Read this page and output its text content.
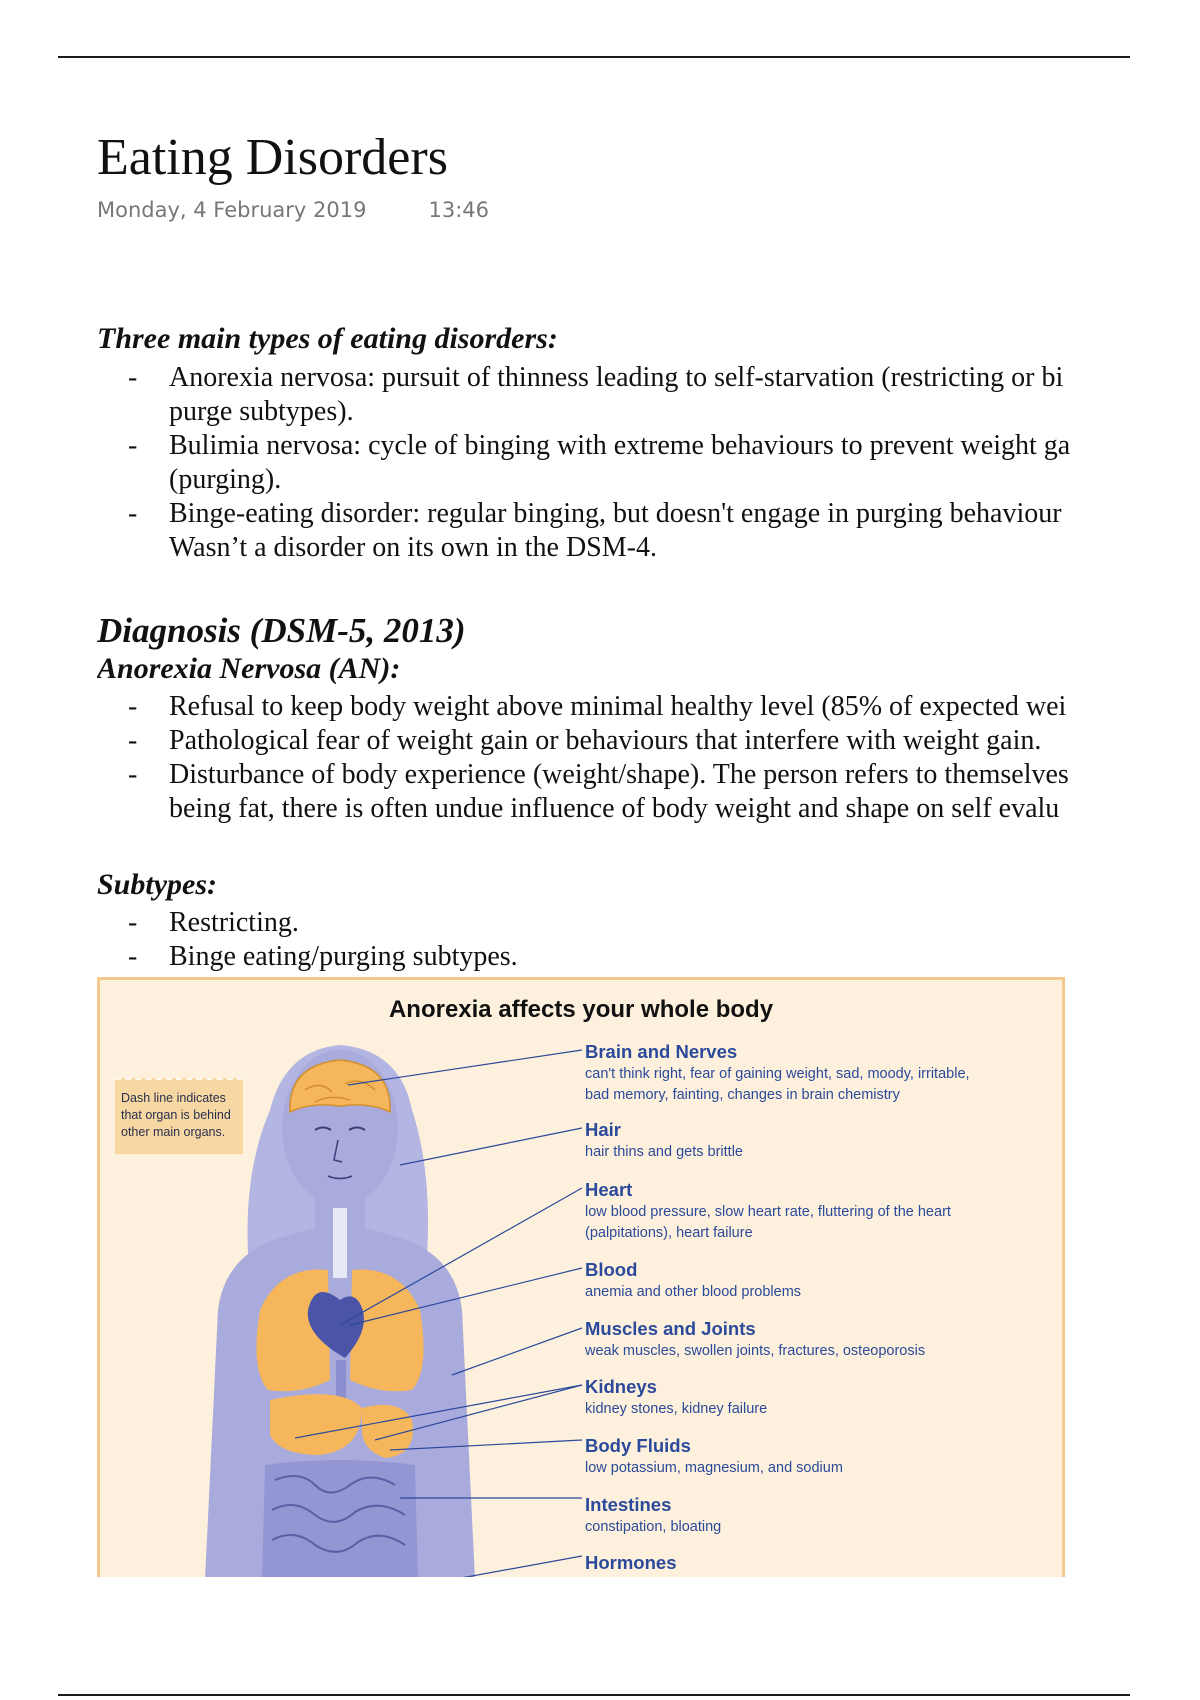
Eating Disorders
Monday, 4 February 2019	13:46
Three main types of eating disorders:
- Anorexia nervosa: pursuit of thinness leading to self-starvation (restricting or bi
purge subtypes).
- Bulimia nervosa: cycle of binging with extreme behaviours to prevent weight ga
(purging).
- Binge-eating disorder: regular binging, but doesn't engage in purging behaviour
Wasn’t a disorder on its own in the DSM-4.
Diagnosis (DSM-5, 2013)
Anorexia Nervosa (AN):
- Refusal to keep body weight above minimal healthy level (85% of expected wei
- Pathological fear of weight gain or behaviours that interfere with weight gain.
- Disturbance of body experience (weight/shape). The person refers to themselves
being fat, there is often undue influence of body weight and shape on self evalu
Subtypes:
- Restricting.
- Binge eating/purging subtypes.
Anorexia affects your whole body
Dash line indicates that organ is behind other main organs.
Brain and Nerves
can't think right, fear of gaining weight, sad, moody, irritable,
bad memory, fainting, changes in brain chemistry
Hair
hair thins and gets brittle
Heart
low blood pressure, slow heart rate, fluttering of the heart
(palpitations), heart failure
Blood
anemia and other blood problems
Muscles and Joints
weak muscles, swollen joints, fractures, osteoporosis
Kidneys
kidney stones, kidney failure
Body Fluids
low potassium, magnesium, and sodium
Intestines
constipation, bloating
Hormones
